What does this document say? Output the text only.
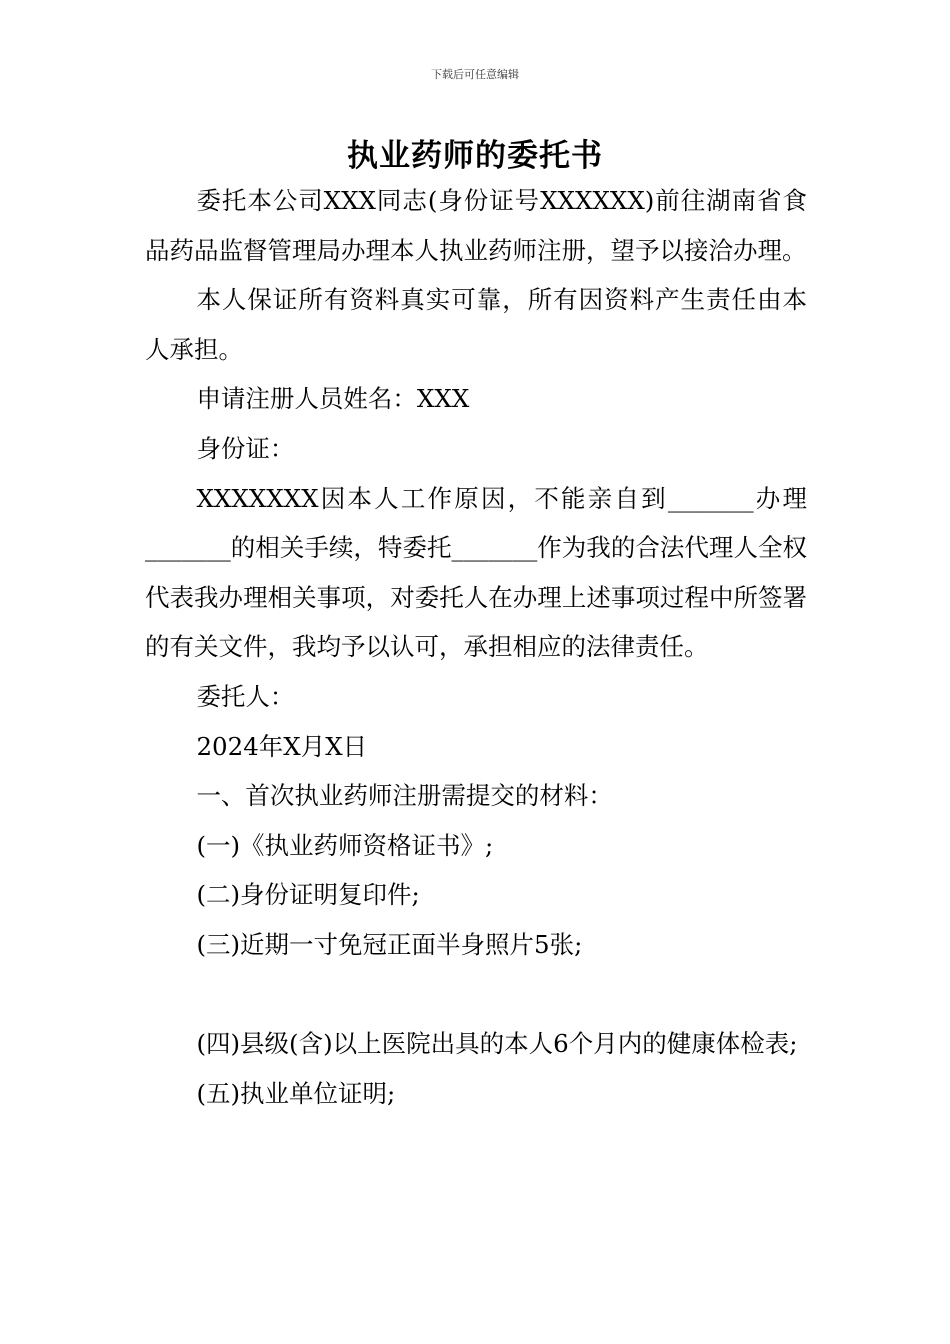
下载后可任意编辑
执业药师的委托书

委托本公司XXX同志(身份证号XXXXXX)前往湖南省食品药品监督管理局办理本人执业药师注册，望予以接洽办理。

本人保证所有资料真实可靠，所有因资料产生责任由本人承担。

申请注册人员姓名：XXX

身份证：

XXXXXXX因本人工作原因，不能亲自到_______办理_______的相关手续，特委托_______作为我的合法代理人全权代表我办理相关事项，对委托人在办理上述事项过程中所签署的有关文件，我均予以认可，承担相应的法律责任。

委托人：

2024年X月X日

一、首次执业药师注册需提交的材料：

(一)《执业药师资格证书》;

(二)身份证明复印件;

(三)近期一寸免冠正面半身照片5张;

(四)县级(含)以上医院出具的本人6个月内的健康体检表;

(五)执业单位证明;
